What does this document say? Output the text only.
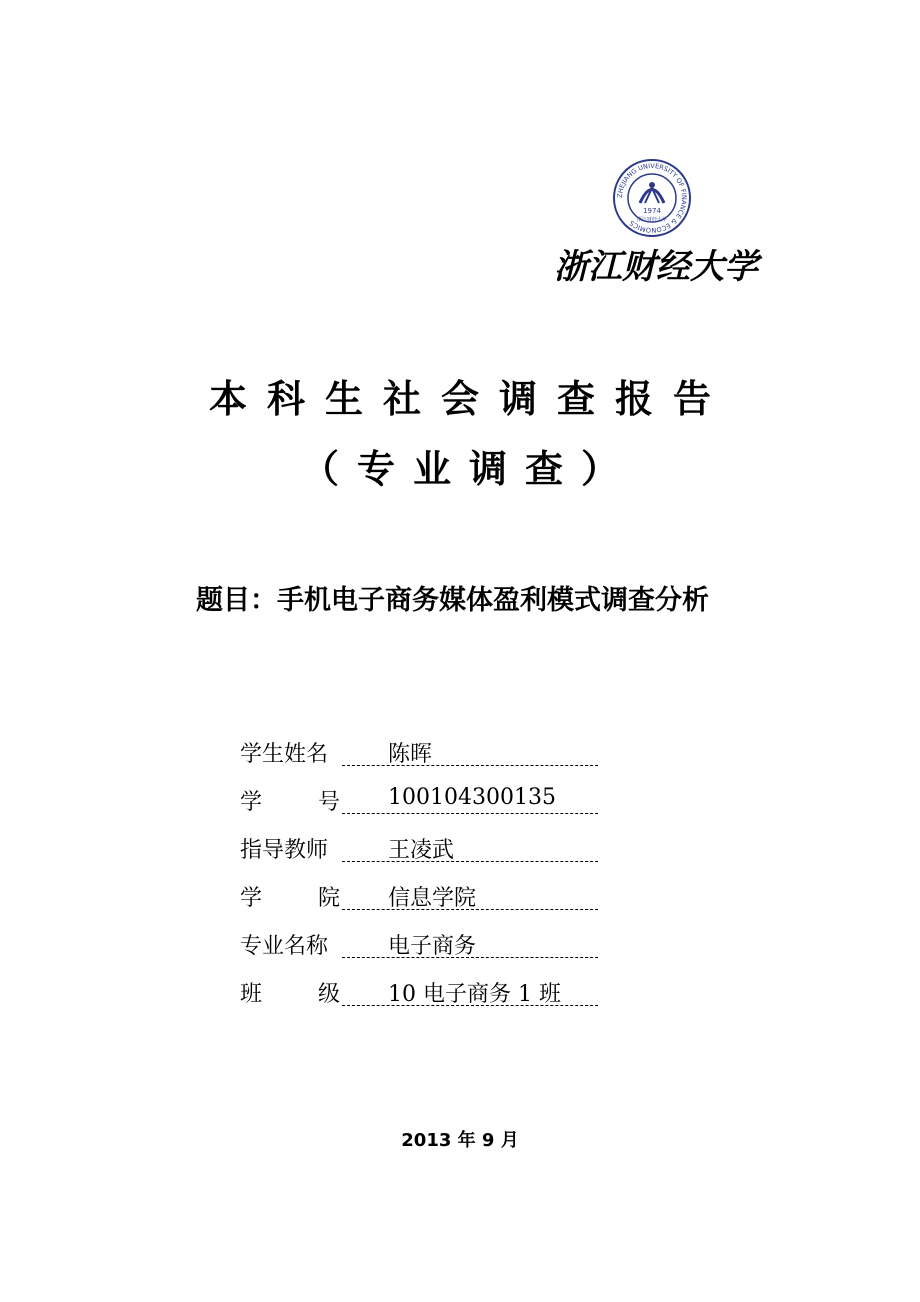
ZHEJIANG UNIVERSITY OF FINANCE & ECONOMICS
1974
浙江财经大学
浙江财经大学
本科生社会调查报告
（专业调查）
题目：手机电子商务媒体盈利模式调查分析
学生姓名	陈晖
学	号 100104300135
指导教师	王凌武
学	院 信息学院
专业名称	电子商务
班	级 10 电子商务 1 班
2013 年 9 月
